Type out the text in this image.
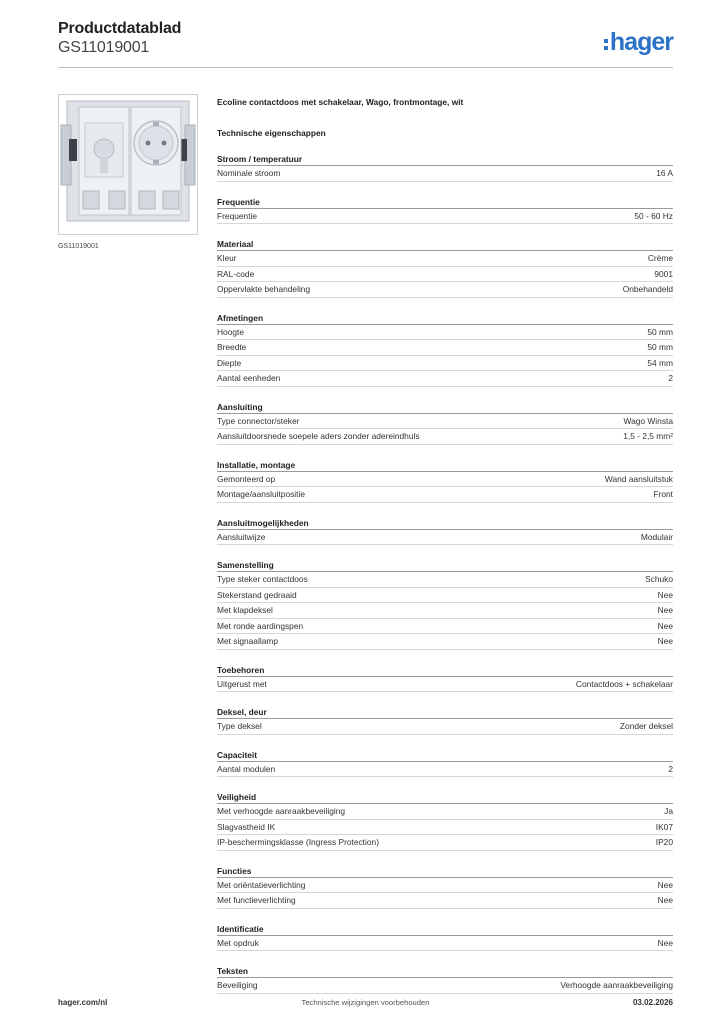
Productdatablad
GS11019001	hager
GS11019001
Ecoline contactdoos met schakelaar, Wago, frontmontage, wit
Technische eigenschappen
Stroom / temperatuur
Nominale stroom	16 A
Frequentie
Frequentie	50 - 60 Hz
Materiaal
Kleur	Crème
RAL-code	9001
Oppervlakte behandeling	Onbehandeld
Afmetingen
Hoogte	50 mm
Breedte	50 mm
Diepte	54 mm
Aantal eenheden	2
Aansluiting
Type connector/steker	Wago Winsta
Aansluitdoorsnede soepele aders zonder adereindhuls	1,5 - 2,5 mm²
Installatie, montage
Gemonteerd op	Wand aansluitstuk
Montage/aansluitpositie	Front
Aansluitmogelijkheden
Aansluitwijze	Modulair
Samenstelling
Type steker contactdoos	Schuko
Stekerstand gedraaid	Nee
Met klapdeksel	Nee
Met ronde aardingspen	Nee
Met signaallamp	Nee
Toebehoren
Uitgerust met	Contactdoos + schakelaar
Deksel, deur
Type deksel	Zonder deksel
Capaciteit
Aantal modulen	2
Veiligheid
Met verhoogde aanraakbeveiliging	Ja
Slagvastheid IK	IK07
IP-beschermingsklasse (Ingress Protection)	IP20
Functies
Met oriëntatieverlichting	Nee
Met functieverlichting	Nee
Identificatie
Met opdruk	Nee
Teksten
Beveiliging	Verhoogde aanraakbeveiliging
hager.com/nl	Technische wijzigingen voorbehouden	03.02.2026
